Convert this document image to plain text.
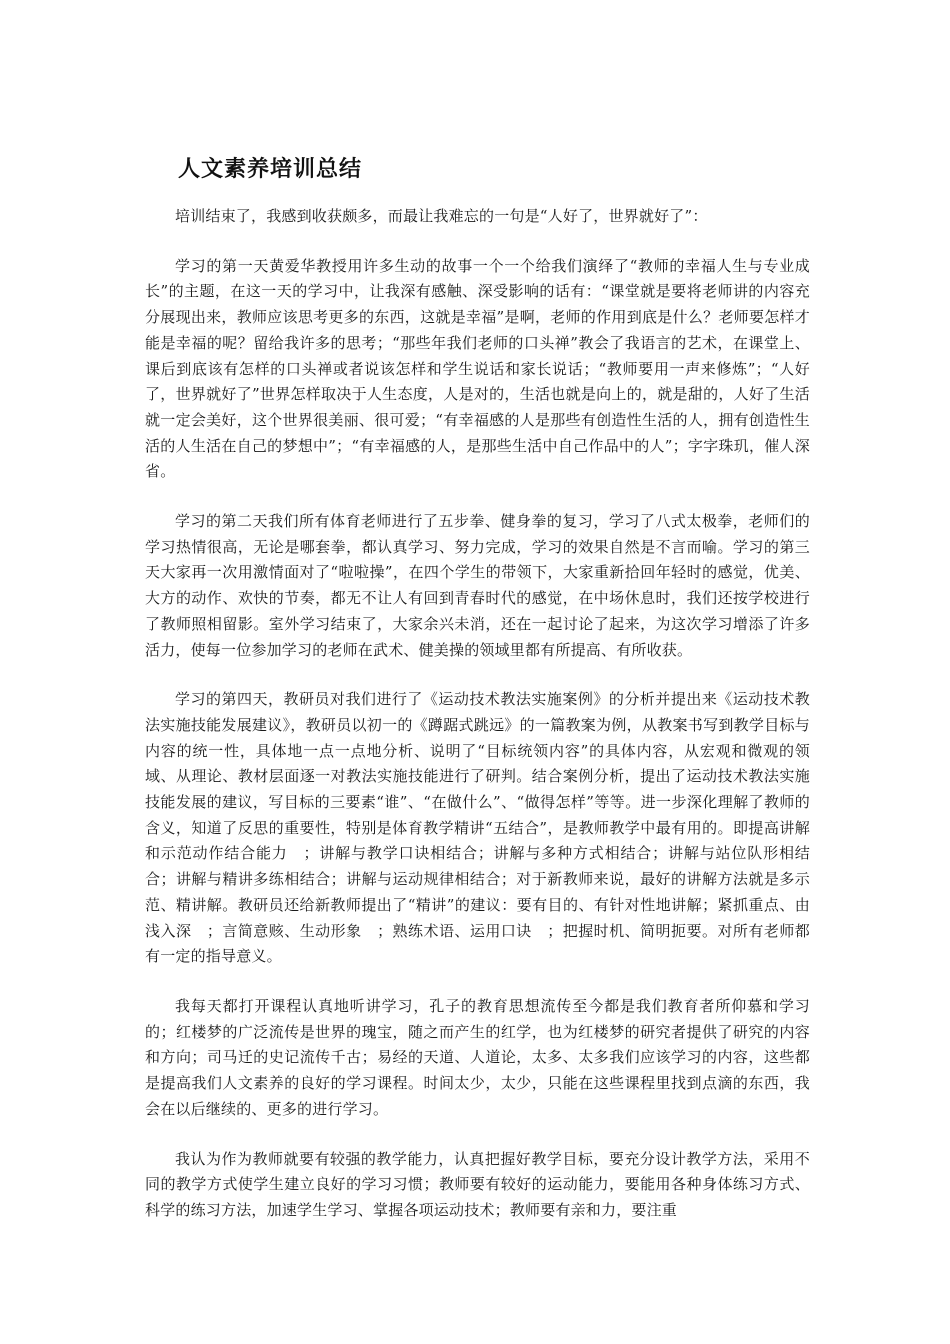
人文素养培训总结

培训结束了，我感到收获颇多，而最让我难忘的一句是“人好了，世界就好了”：

学习的第一天黄爱华教授用许多生动的故事一个一个给我们演绎了“教师的幸福人生与专业成长”的主题，在这一天的学习中，让我深有感触、深受影响的话有：“课堂就是要将老师讲的内容充分展现出来，教师应该思考更多的东西，这就是幸福”是啊，老师的作用到底是什么？老师要怎样才能是幸福的呢？留给我许多的思考；“那些年我们老师的口头禅”教会了我语言的艺术，在课堂上、课后到底该有怎样的口头禅或者说该怎样和学生说话和家长说话；“教师要用一声来修炼”；“人好了，世界就好了”世界怎样取决于人生态度，人是对的，生活也就是向上的，就是甜的，人好了生活就一定会美好，这个世界很美丽、很可爱；“有幸福感的人是那些有创造性生活的人，拥有创造性生活的人生活在自己的梦想中”；“有幸福感的人，是那些生活中自己作品中的人”；字字珠玑，催人深省。

学习的第二天我们所有体育老师进行了五步拳、健身拳的复习，学习了八式太极拳，老师们的学习热情很高，无论是哪套拳，都认真学习、努力完成，学习的效果自然是不言而喻。学习的第三天大家再一次用激情面对了“啦啦操”，在四个学生的带领下，大家重新拾回年轻时的感觉，优美、大方的动作、欢快的节奏，都无不让人有回到青春时代的感觉，在中场休息时，我们还按学校进行了教师照相留影。室外学习结束了，大家余兴未消，还在一起讨论了起来，为这次学习增添了许多活力，使每一位参加学习的老师在武术、健美操的领域里都有所提高、有所收获。

学习的第四天，教研员对我们进行了《运动技术教法实施案例》的分析并提出来《运动技术教法实施技能发展建议》，教研员以初一的《蹲踞式跳远》的一篇教案为例，从教案书写到教学目标与内容的统一性，具体地一点一点地分析、说明了“目标统领内容”的具体内容，从宏观和微观的领域、从理论、教材层面逐一对教法实施技能进行了研判。结合案例分析，提出了运动技术教法实施技能发展的建议，写目标的三要素“谁”、“在做什么”、“做得怎样”等等。进一步深化理解了教师的含义，知道了反思的重要性，特别是体育教学精讲“五结合”，是教师教学中最有用的。即提高讲解和示范动作结合能力　；讲解与教学口诀相结合；讲解与多种方式相结合；讲解与站位队形相结合；讲解与精讲多练相结合；讲解与运动规律相结合；对于新教师来说，最好的讲解方法就是多示范、精讲解。教研员还给新教师提出了“精讲”的建议：要有目的、有针对性地讲解；紧抓重点、由浅入深　；言简意赅、生动形象　；熟练术语、运用口诀　；把握时机、简明扼要。对所有老师都有一定的指导意义。

我每天都打开课程认真地听讲学习，孔子的教育思想流传至今都是我们教育者所仰慕和学习的；红楼梦的广泛流传是世界的瑰宝，随之而产生的红学，也为红楼梦的研究者提供了研究的内容和方向；司马迁的史记流传千古；易经的天道、人道论，太多、太多我们应该学习的内容，这些都是提高我们人文素养的良好的学习课程。时间太少，太少，只能在这些课程里找到点滴的东西，我会在以后继续的、更多的进行学习。

我认为作为教师就要有较强的教学能力，认真把握好教学目标，要充分设计教学方法，采用不同的教学方式使学生建立良好的学习习惯；教师要有较好的运动能力，要能用各种身体练习方式、科学的练习方法，加速学生学习、掌握各项运动技术；教师要有亲和力，要注重
